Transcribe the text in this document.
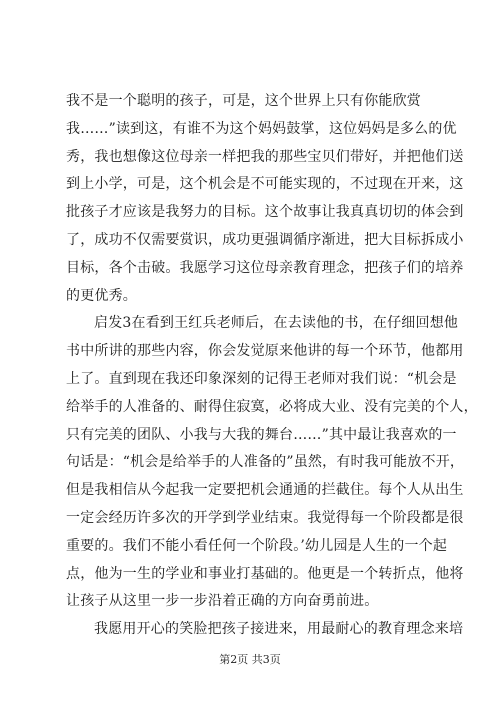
我不是一个聪明的孩子，可是，这个世界上只有你能欣赏
我……”读到这，有谁不为这个妈妈鼓掌，这位妈妈是多么的优
秀，我也想像这位母亲一样把我的那些宝贝们带好，并把他们送
到上小学，可是，这个机会是不可能实现的，不过现在开来，这
批孩子才应该是我努力的目标。这个故事让我真真切切的体会到
了，成功不仅需要赏识，成功更强调循序渐进，把大目标拆成小
目标，各个击破。我愿学习这位母亲教育理念，把孩子们的培养
的更优秀。
启发3在看到王红兵老师后，在去读他的书，在仔细回想他
书中所讲的那些内容，你会发觉原来他讲的每一个环节，他都用
上了。直到现在我还印象深刻的记得王老师对我们说：“机会是
给举手的人准备的、耐得住寂寞，必将成大业、没有完美的个人，
只有完美的团队、小我与大我的舞台……”其中最让我喜欢的一
句话是：“机会是给举手的人准备的”虽然，有时我可能放不开，
但是我相信从今起我一定要把机会通通的拦截住。每个人从出生
一定会经历许多次的开学到学业结束。我觉得每一个阶段都是很
重要的。我们不能小看任何一个阶段。’幼儿园是人生的一个起
点，他为一生的学业和事业打基础的。他更是一个转折点，他将
让孩子从这里一步一步沿着正确的方向奋勇前进。
我愿用开心的笑脸把孩子接进来，用最耐心的教育理念来培
第2页 共3页
